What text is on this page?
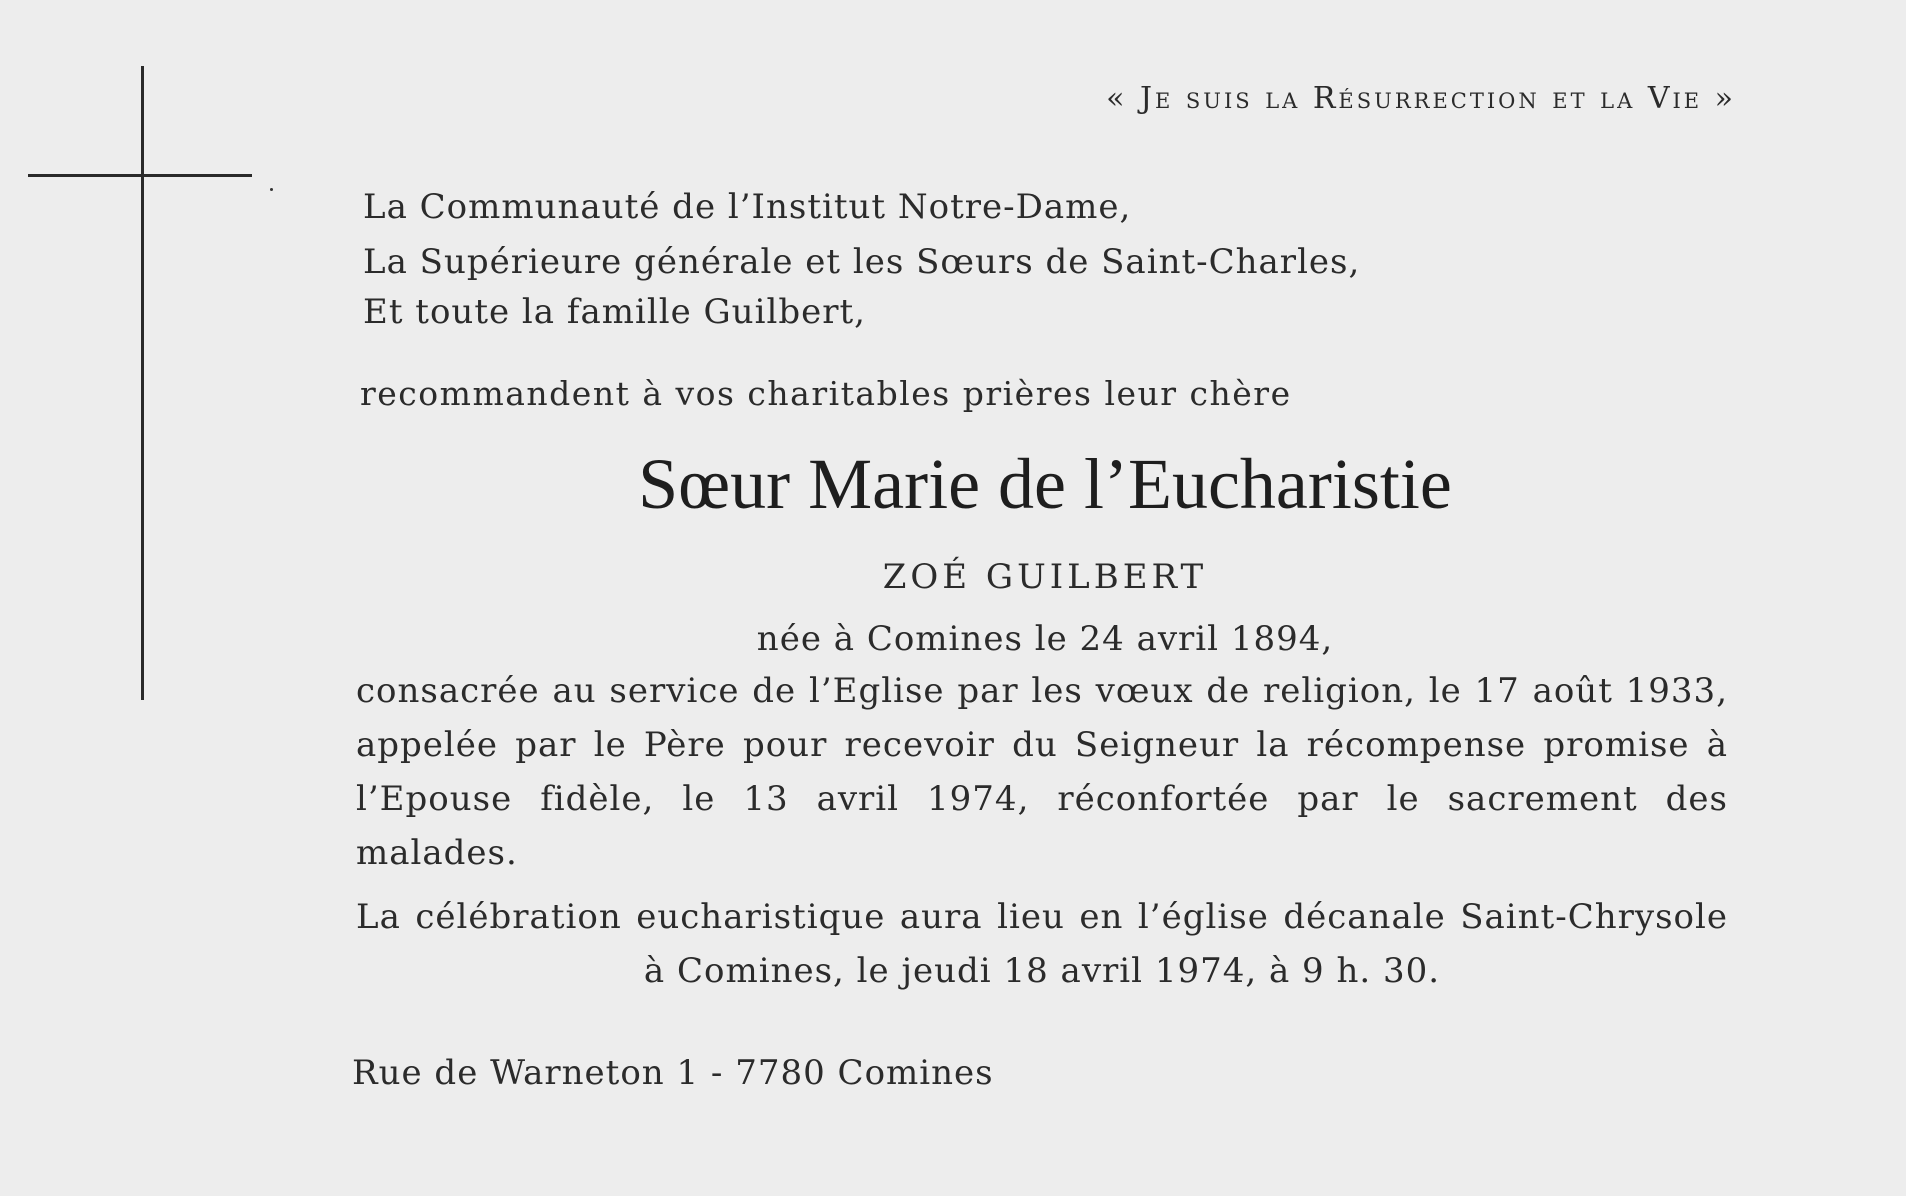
« Je suis la Résurrection et la Vie »
La Communauté de l’Institut Notre-Dame,
La Supérieure générale et les Sœurs de Saint-Charles,
Et toute la famille Guilbert,
recommandent à vos charitables prières leur chère
Sœur Marie de l’Eucharistie
ZOÉ GUILBERT
née à Comines le 24 avril 1894,
consacrée au service de l’Eglise par les vœux de religion, le 17 août 1933, appelée par le Père pour recevoir du Seigneur la récompense promise à l’Epouse fidèle, le 13 avril 1974, réconfortée par le sacrement des malades.
La célébration eucharistique aura lieu en l’église décanale Saint-Chrysole à Comines, le jeudi 18 avril 1974, à 9 h. 30.
Rue de Warneton 1 - 7780 Comines
